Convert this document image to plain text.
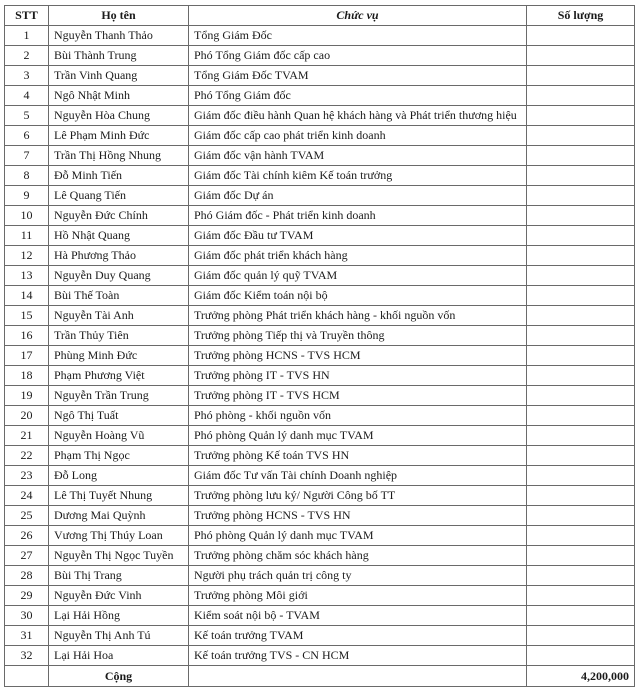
STT	Họ tên	Chức vụ	Số lượng
1	Nguyễn Thanh Thảo	Tổng Giám Đốc	
2	Bùi Thành Trung	Phó Tổng Giám đốc cấp cao	
3	Trần Vinh Quang	Tổng Giám Đốc TVAM	
4	Ngô Nhật Minh	Phó Tổng Giám đốc	
5	Nguyễn Hòa Chung	Giám đốc điều hành Quan hệ khách hàng và Phát triển thương hiệu	
6	Lê Phạm Minh Đức	Giám đốc cấp cao phát triển kinh doanh	
7	Trần Thị Hồng Nhung	Giám đốc vận hành TVAM	
8	Đỗ Minh Tiến	Giám đốc Tài chính kiêm Kế toán trưởng	
9	Lê Quang Tiến	Giám đốc Dự án	
10	Nguyễn Đức Chính	Phó Giám đốc - Phát triển kinh doanh	
11	Hồ Nhật Quang	Giám đốc Đầu tư TVAM	
12	Hà Phương Thảo	Giám đốc phát triển khách hàng	
13	Nguyễn Duy Quang	Giám đốc quản lý quỹ TVAM	
14	Bùi Thế Toàn	Giám đốc Kiểm toán nội bộ	
15	Nguyễn Tài Anh	Trưởng phòng Phát triển khách hàng - khối nguồn vốn	
16	Trần Thủy Tiên	Trưởng phòng Tiếp thị và Truyền thông	
17	Phùng Minh Đức	Trưởng phòng HCNS - TVS HCM	
18	Phạm Phương Việt	Trưởng phòng IT - TVS HN	
19	Nguyễn Trần Trung	Trưởng phòng IT - TVS HCM	
20	Ngô Thị Tuất	Phó phòng - khối nguồn vốn	
21	Nguyễn Hoàng Vũ	Phó phòng Quản lý danh mục TVAM	
22	Phạm Thị Ngọc	Trưởng phòng Kế toán TVS HN	
23	Đỗ Long	Giám đốc Tư vấn Tài chính Doanh nghiệp	
24	Lê Thị Tuyết Nhung	Trưởng phòng lưu ký/ Người Công bố TT	
25	Dương Mai Quỳnh	Trưởng phòng HCNS - TVS HN	
26	Vương Thị Thúy Loan	Phó phòng Quản lý danh mục TVAM	
27	Nguyễn Thị Ngọc Tuyền	Trưởng phòng chăm sóc khách hàng	
28	Bùi Thị Trang	Người phụ trách quản trị công ty	
29	Nguyễn Đức Vinh	Trưởng phòng Môi giới	
30	Lại Hải Hồng	Kiểm soát nội bộ - TVAM	
31	Nguyễn Thị Anh Tú	Kế toán trưởng TVAM	
32	Lại Hải Hoa	Kế toán trưởng TVS - CN HCM	
	Cộng		4,200,000
